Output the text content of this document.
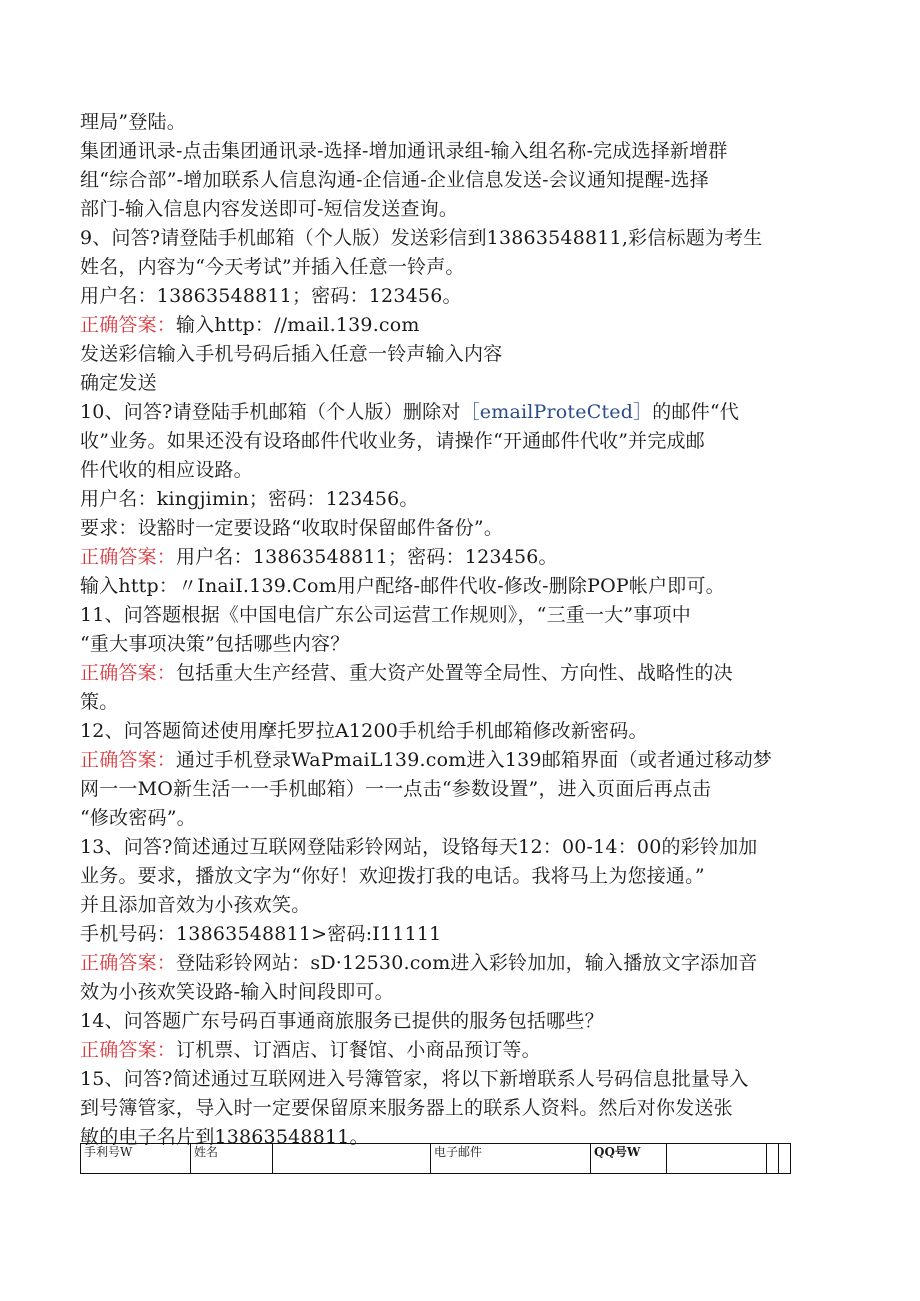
理局”登陆。
集团通讯录-点击集团通讯录-选择-增加通讯录组-输入组名称-完成选择新增群
组“综合部”-增加联系人信息沟通-企信通-企业信息发送-会议通知提醒-选择
部门-输入信息内容发送即可-短信发送查询。
9、问答?请登陆手机邮箱（个人版）发送彩信到13863548811,彩信标题为考生
姓名，内容为“今天考试”并插入任意一铃声。
用户名：13863548811；密码：123456。
正确答案：输入http：//mail.139.com
发送彩信输入手机号码后插入任意一铃声输入内容
确定发送
10、问答?请登陆手机邮箱（个人版）删除对［emailProteCted］的邮件“代
收”业务。如果还没有设珞邮件代收业务，请操作“开通邮件代收”并完成邮
件代收的相应设路。
用户名：kingjimin；密码：123456。
要求：设豁时一定要设路“收取时保留邮件备份”。
正确答案：用户名：13863548811；密码：123456。
输入http：〃InaiI.139.Com用户配络-邮件代收-修改-删除POP帐户即可。
11、问答题根据《中国电信广东公司运营工作规则》，“三重一大”事项中
“重大事项决策”包括哪些内容？
正确答案：包括重大生产经营、重大资产处置等全局性、方向性、战略性的决
策。
12、问答题简述使用摩托罗拉A1200手机给手机邮箱修改新密码。
正确答案：通过手机登录WaPmaiL139.com进入139邮箱界面（或者通过移动梦
网一一MO新生活一一手机邮箱）一一点击“参数设置”，进入页面后再点击
“修改密码”。
13、问答?简述通过互联网登陆彩铃网站，设铬每天12：00-14：00的彩铃加加
业务。要求，播放文字为“你好！欢迎拨打我的电话。我将马上为您接通。”
并且添加音效为小孩欢笑。
手机号码：13863548811>密码:I11111
正确答案：登陆彩铃网站：sD·12530.com进入彩铃加加，输入播放文字添加音
效为小孩欢笑设路-输入时间段即可。
14、问答题广东号码百事通商旅服务已提供的服务包括哪些？
正确答案：订机票、订酒店、订餐馆、小商品预订等。
15、问答?简述通过互联网进入号簿管家，将以下新增联系人号码信息批量导入
到号簿管家，导入时一定要保留原来服务器上的联系人资料。然后对你发送张
敏的电子名片到13863548811。
手利号W	姓名		电子邮件	QQ号W			
